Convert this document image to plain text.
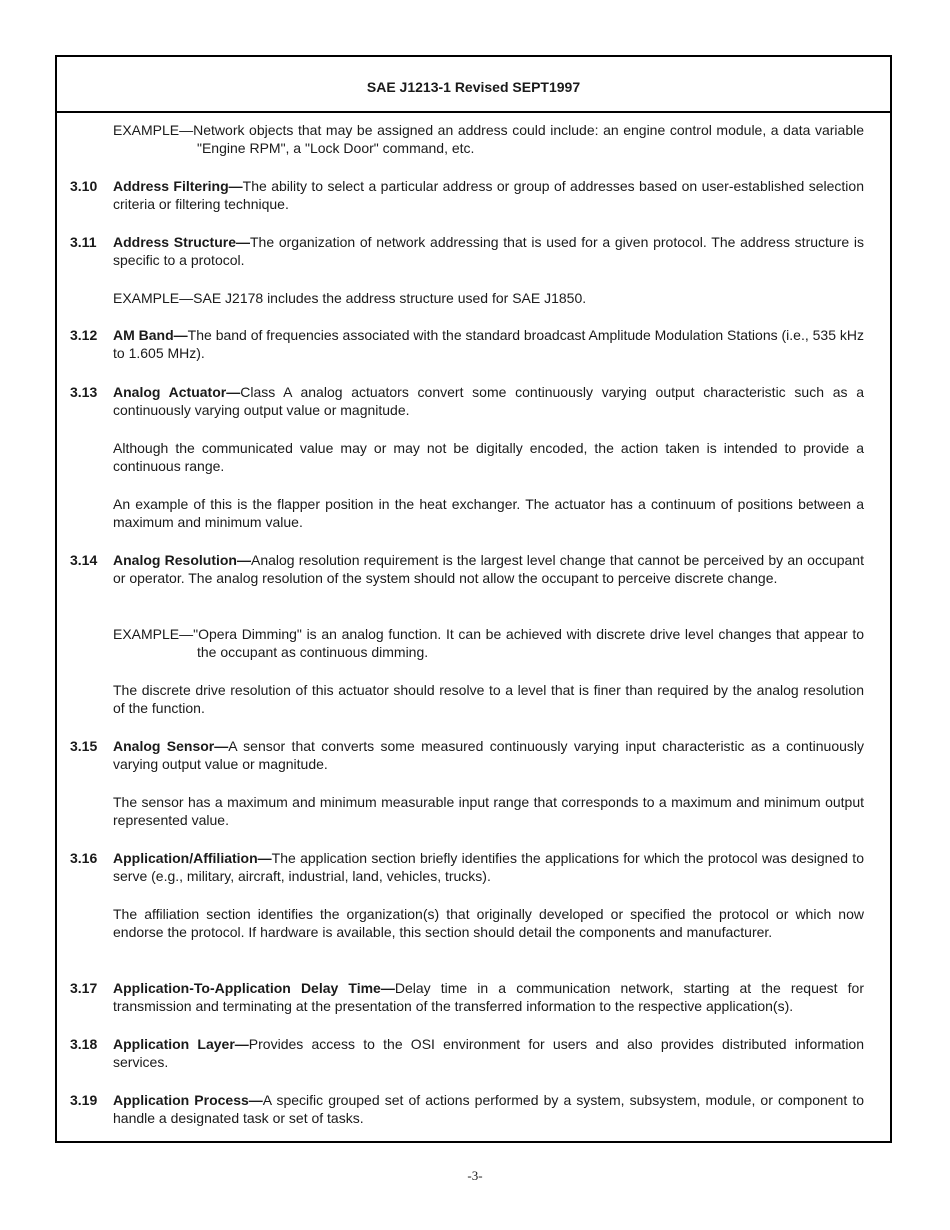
SAE J1213-1 Revised SEPT1997

EXAMPLE—Network objects that may be assigned an address could include: an engine control module, a data variable "Engine RPM", a "Lock Door" command, etc.

3.10 Address Filtering—The ability to select a particular address or group of addresses based on user-established selection criteria or filtering technique.

3.11 Address Structure—The organization of network addressing that is used for a given protocol. The address structure is specific to a protocol.

EXAMPLE—SAE J2178 includes the address structure used for SAE J1850.

3.12 AM Band—The band of frequencies associated with the standard broadcast Amplitude Modulation Stations (i.e., 535 kHz to 1.605 MHz).

3.13 Analog Actuator—Class A analog actuators convert some continuously varying output characteristic such as a continuously varying output value or magnitude.

Although the communicated value may or may not be digitally encoded, the action taken is intended to provide a continuous range.

An example of this is the flapper position in the heat exchanger. The actuator has a continuum of positions between a maximum and minimum value.

3.14 Analog Resolution—Analog resolution requirement is the largest level change that cannot be perceived by an occupant or operator. The analog resolution of the system should not allow the occupant to perceive discrete change.

EXAMPLE—"Opera Dimming" is an analog function. It can be achieved with discrete drive level changes that appear to the occupant as continuous dimming.

The discrete drive resolution of this actuator should resolve to a level that is finer than required by the analog resolution of the function.

3.15 Analog Sensor—A sensor that converts some measured continuously varying input characteristic as a continuously varying output value or magnitude.

The sensor has a maximum and minimum measurable input range that corresponds to a maximum and minimum output represented value.

3.16 Application/Affiliation—The application section briefly identifies the applications for which the protocol was designed to serve (e.g., military, aircraft, industrial, land, vehicles, trucks).

The affiliation section identifies the organization(s) that originally developed or specified the protocol or which now endorse the protocol. If hardware is available, this section should detail the components and manufacturer.

3.17 Application-To-Application Delay Time—Delay time in a communication network, starting at the request for transmission and terminating at the presentation of the transferred information to the respective application(s).

3.18 Application Layer—Provides access to the OSI environment for users and also provides distributed information services.

3.19 Application Process—A specific grouped set of actions performed by a system, subsystem, module, or component to handle a designated task or set of tasks.

-3-
